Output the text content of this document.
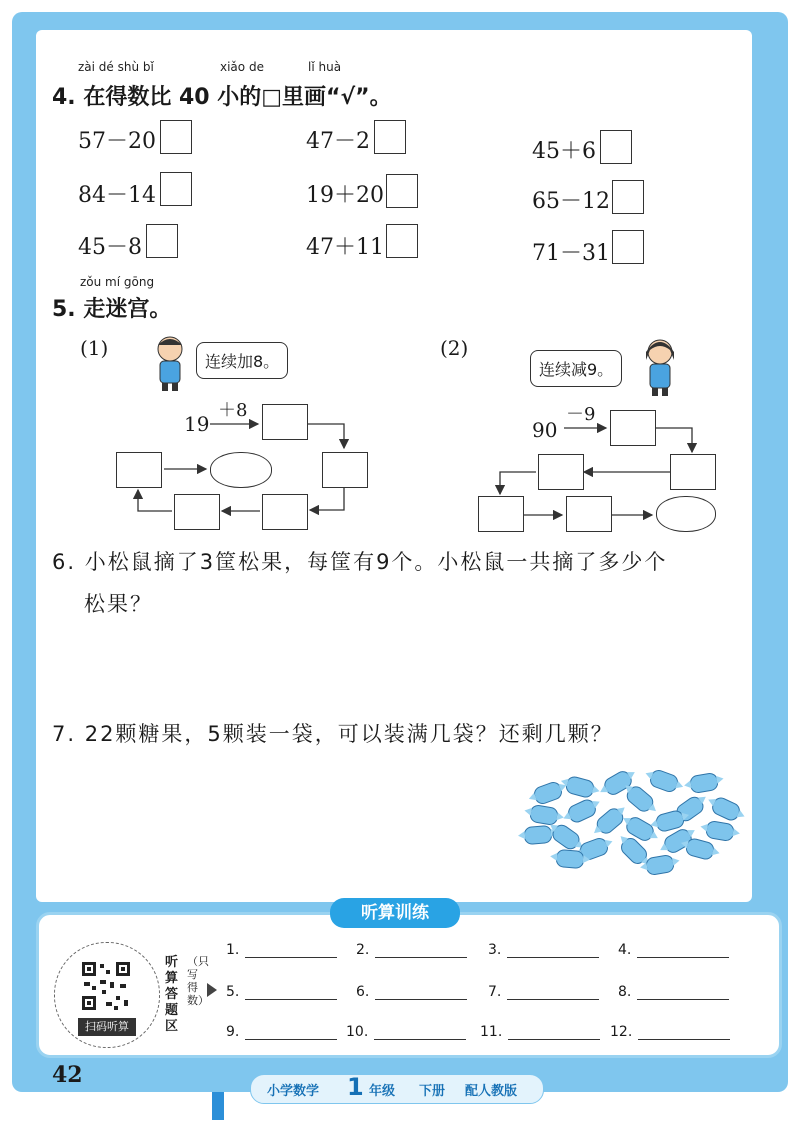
zài dé shù bǐ	xiǎo de	lǐ huà
4. 在得数比 40 小的□里画“√”。
57－20	47－2	45＋6
84－14	19＋20	65－12
45－8	47＋11	71－31
zǒu mí gōng
5. 走迷宫。
(1)
连续加8。
(2)
连续减9。
19
＋8
90
－9
6. 小松鼠摘了3筐松果，每筐有9个。小松鼠一共摘了多少个
松果？
7. 22颗糖果，5颗装一袋，可以装满几袋？还剩几颗？
听算训练
扫码听算
听算答题区
（只写得数）
1.	2.	3.	4.
5.	6.	7.	8.
9.	10.	11.	12.
42
小学数学 1 年级 下册 配人教版
